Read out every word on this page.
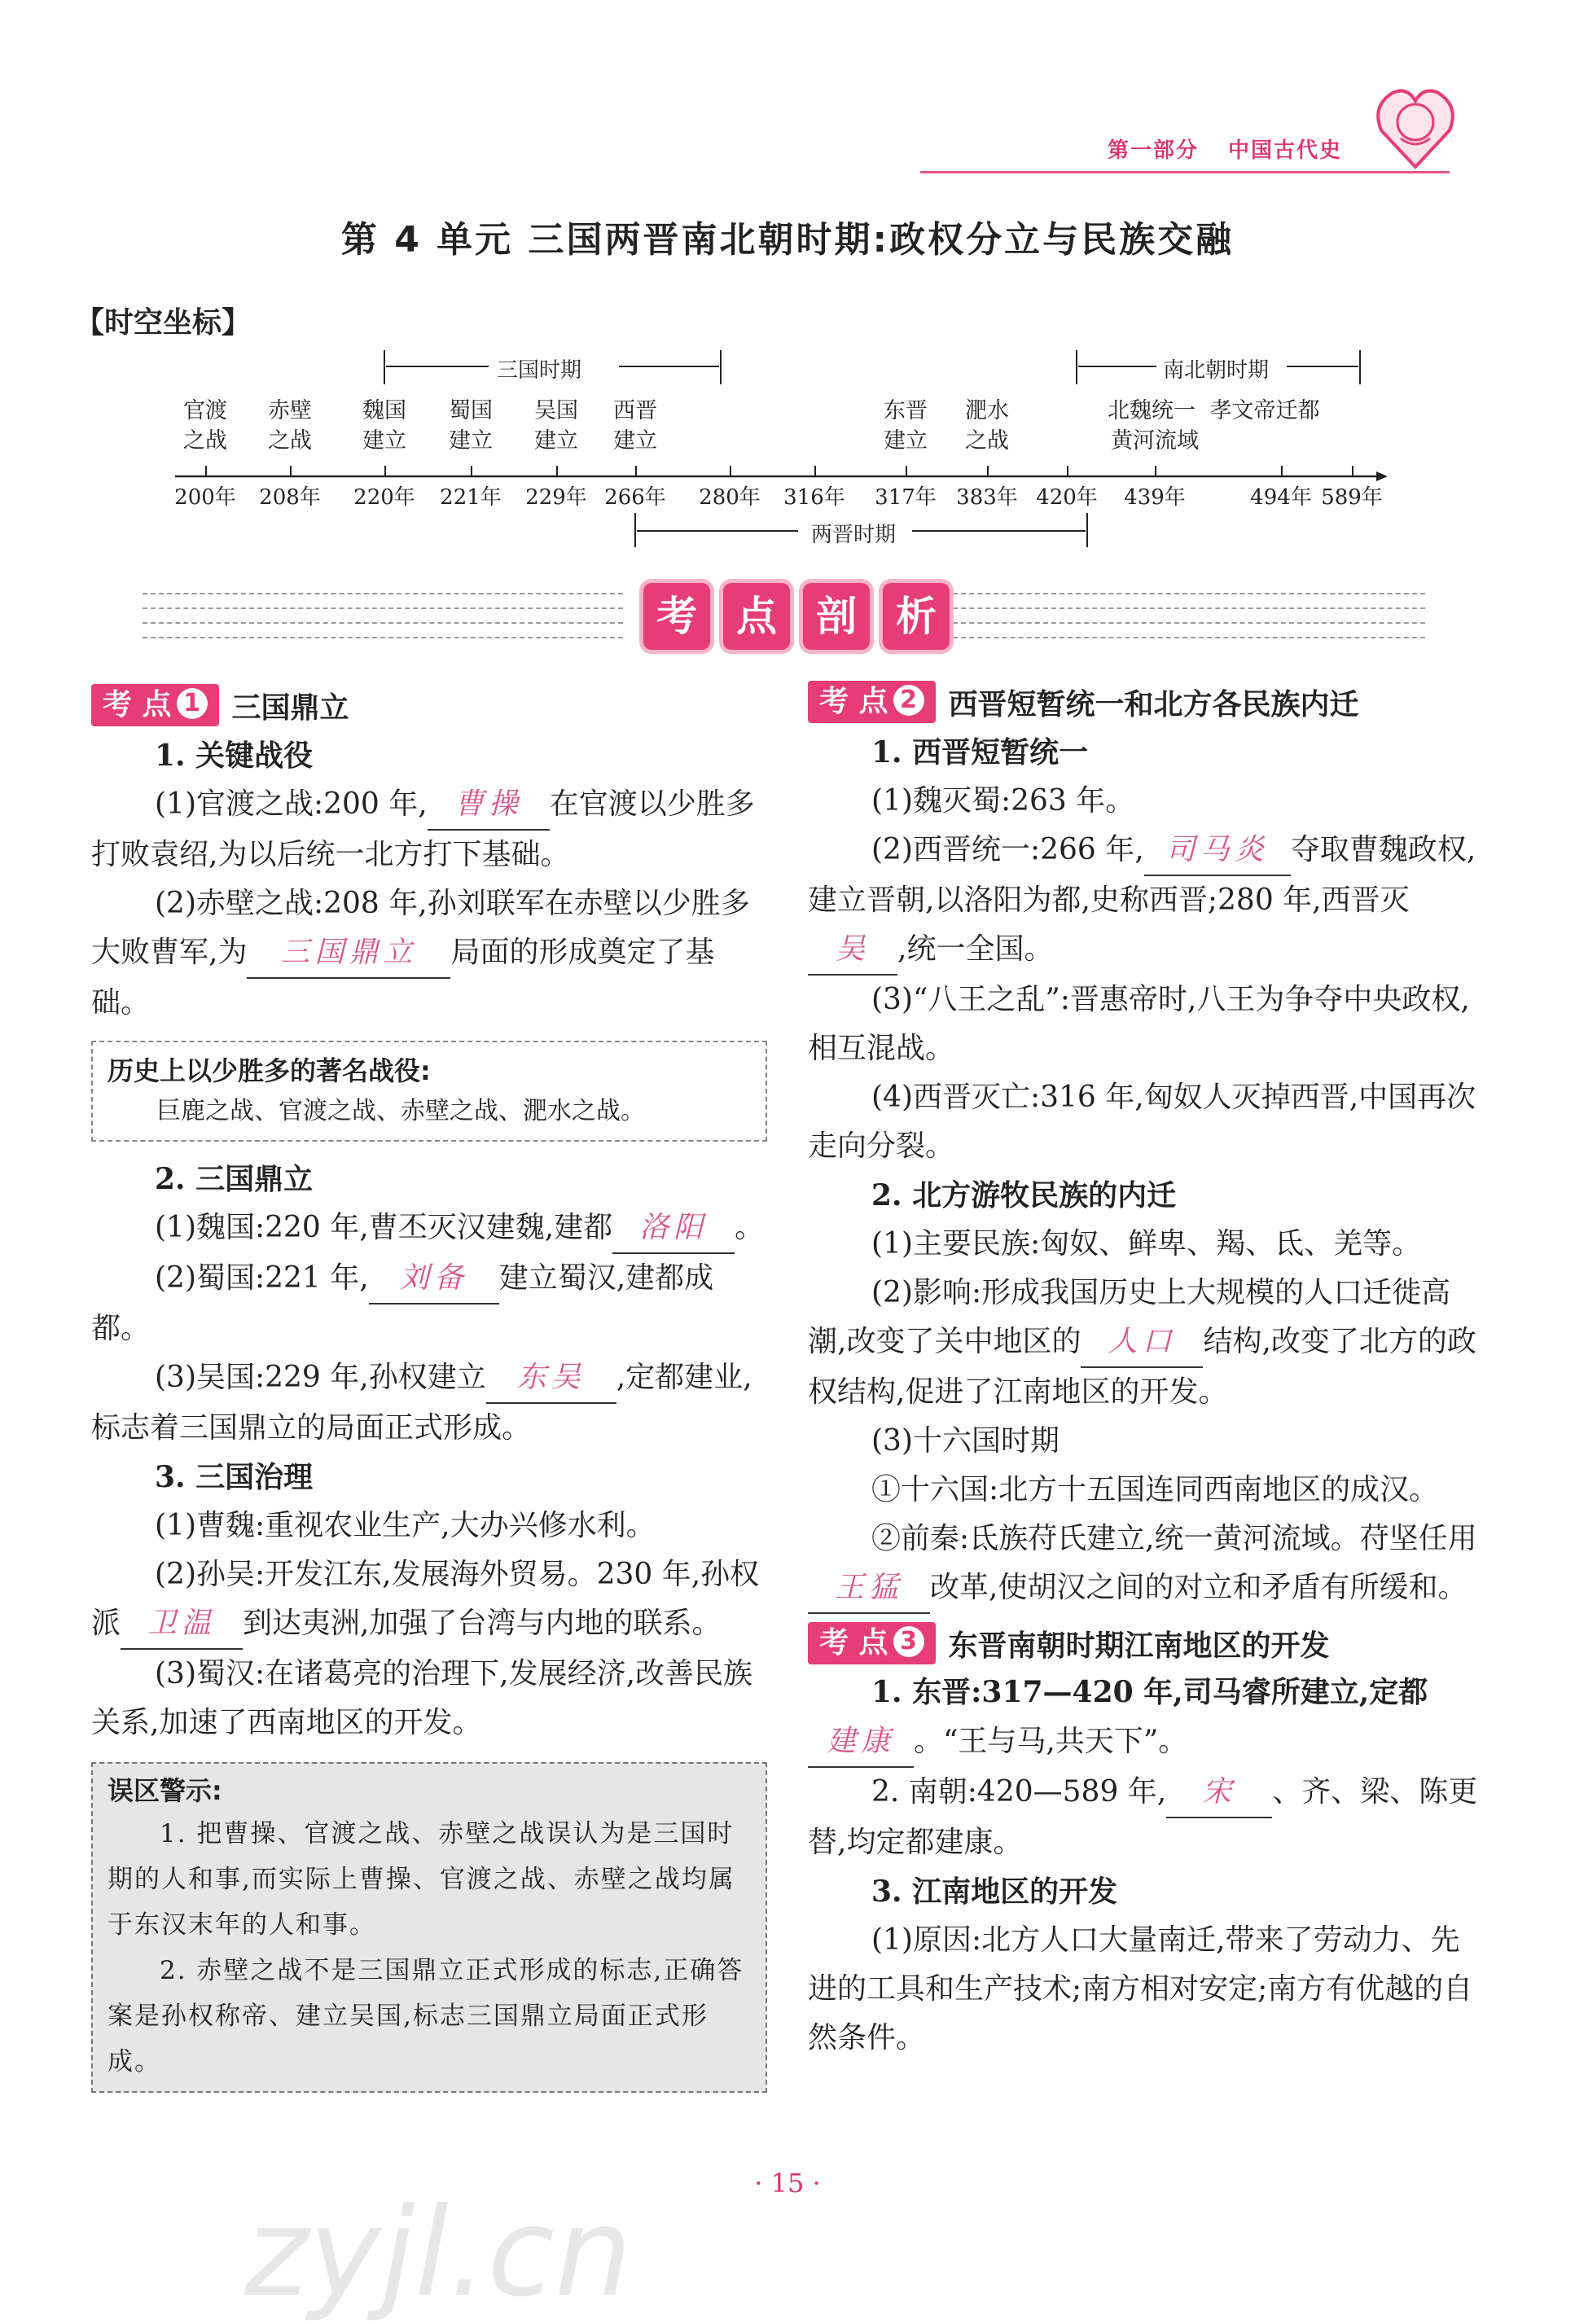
第一部分 中国古代史
第 4 单元 三国两晋南北朝时期:政权分立与民族交融
【时空坐标】
三国时期	南北朝时期
两晋时期
官渡
之战
200年
赤壁
之战
208年
魏国
建立
220年
蜀国
建立
221年
吴国
建立
229年
西晋
建立
266年 280年 316年
东晋
建立
317年
淝水
之战
383年 420年
北魏统一
黄河流域
439年
孝文帝迁都
494年 589年
考 点 剖 析
考 点 1	三国鼎立

1. 关键战役

(1)官渡之战:200 年, 曹操 在官渡以少胜多打败袁绍,为以后统一北方打下基础。

(2)赤壁之战:208 年,孙刘联军在赤壁以少胜多大败曹军,为 三国鼎立 局面的形成奠定了基础。

历史上以少胜多的著名战役:
巨鹿之战、官渡之战、赤壁之战、淝水之战。

2. 三国鼎立

(1)魏国:220 年,曹丕灭汉建魏,建都 洛阳 。

(2)蜀国:221 年, 刘备 建立蜀汉,建都成都。

(3)吴国:229 年,孙权建立 东吴 ,定都建业,标志着三国鼎立的局面正式形成。

3. 三国治理

(1)曹魏:重视农业生产,大办兴修水利。

(2)孙吴:开发江东,发展海外贸易。230 年,孙权派 卫温 到达夷洲,加强了台湾与内地的联系。

(3)蜀汉:在诸葛亮的治理下,发展经济,改善民族关系,加速了西南地区的开发。

误区警示:

1. 把曹操、官渡之战、赤壁之战误认为是三国时期的人和事,而实际上曹操、官渡之战、赤壁之战均属于东汉末年的人和事。

2. 赤壁之战不是三国鼎立正式形成的标志,正确答案是孙权称帝、建立吴国,标志三国鼎立局面正式形成。

考 点 2	西晋短暂统一和北方各民族内迁

1. 西晋短暂统一

(1)魏灭蜀:263 年。

(2)西晋统一:266 年, 司马炎 夺取曹魏政权,建立晋朝,以洛阳为都,史称西晋;280 年,西晋灭吴 ,统一全国。

(3)“八王之乱”:晋惠帝时,八王为争夺中央政权,相互混战。

(4)西晋灭亡:316 年,匈奴人灭掉西晋,中国再次走向分裂。

2. 北方游牧民族的内迁

(1)主要民族:匈奴、鲜卑、羯、氐、羌等。

(2)影响:形成我国历史上大规模的人口迁徙高潮,改变了关中地区的 人口 结构,改变了北方的政权结构,促进了江南地区的开发。

(3)十六国时期

①十六国:北方十五国连同西南地区的成汉。

②前秦:氐族苻氏建立,统一黄河流域。苻坚任用王猛 改革,使胡汉之间的对立和矛盾有所缓和。

考 点 3	东晋南朝时期江南地区的开发

1. 东晋:317—420 年,司马睿所建立,定都建康 。“王与马,共天下”。

2. 南朝:420—589 年, 宋 、齐、梁、陈更替,均定都建康。

3. 江南地区的开发

(1)原因:北方人口大量南迁,带来了劳动力、先进的工具和生产技术;南方相对安定;南方有优越的自然条件。

· 15 ·
zyjl.cn
